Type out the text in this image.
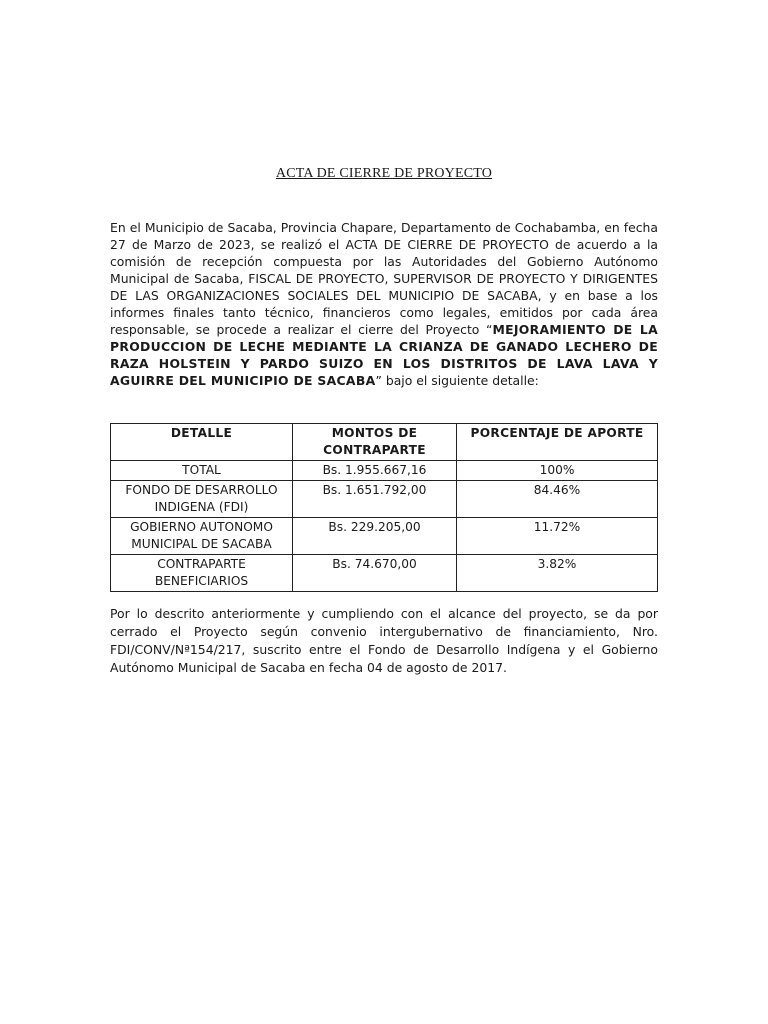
ACTA DE CIERRE DE PROYECTO

En el Municipio de Sacaba, Provincia Chapare, Departamento de Cochabamba, en fecha 27 de Marzo de 2023, se realizó el ACTA DE CIERRE DE PROYECTO de acuerdo a la comisión de recepción compuesta por las Autoridades del Gobierno Autónomo Municipal de Sacaba, FISCAL DE PROYECTO, SUPERVISOR DE PROYECTO Y DIRIGENTES DE LAS ORGANIZACIONES SOCIALES DEL MUNICIPIO DE SACABA, y en base a los informes finales tanto técnico, financieros como legales, emitidos por cada área responsable, se procede a realizar el cierre del Proyecto “MEJORAMIENTO DE LA PRODUCCION DE LECHE MEDIANTE LA CRIANZA DE GANADO LECHERO DE RAZA HOLSTEIN Y PARDO SUIZO EN LOS DISTRITOS DE LAVA LAVA Y AGUIRRE DEL MUNICIPIO DE SACABA” bajo el siguiente detalle:

DETALLE	MONTOS DE CONTRAPARTE	PORCENTAJE DE APORTE
TOTAL	Bs. 1.955.667,16	100%
FONDO DE DESARROLLO INDIGENA (FDI)	Bs. 1.651.792,00	84.46%
GOBIERNO AUTONOMO MUNICIPAL DE SACABA	Bs. 229.205,00	11.72%
CONTRAPARTE BENEFICIARIOS	Bs. 74.670,00	3.82%

Por lo descrito anteriormente y cumpliendo con el alcance del proyecto, se da por cerrado el Proyecto según convenio intergubernativo de financiamiento, Nro. FDI/CONV/Nª154/217, suscrito entre el Fondo de Desarrollo Indígena y el Gobierno Autónomo Municipal de Sacaba en fecha 04 de agosto de 2017.
